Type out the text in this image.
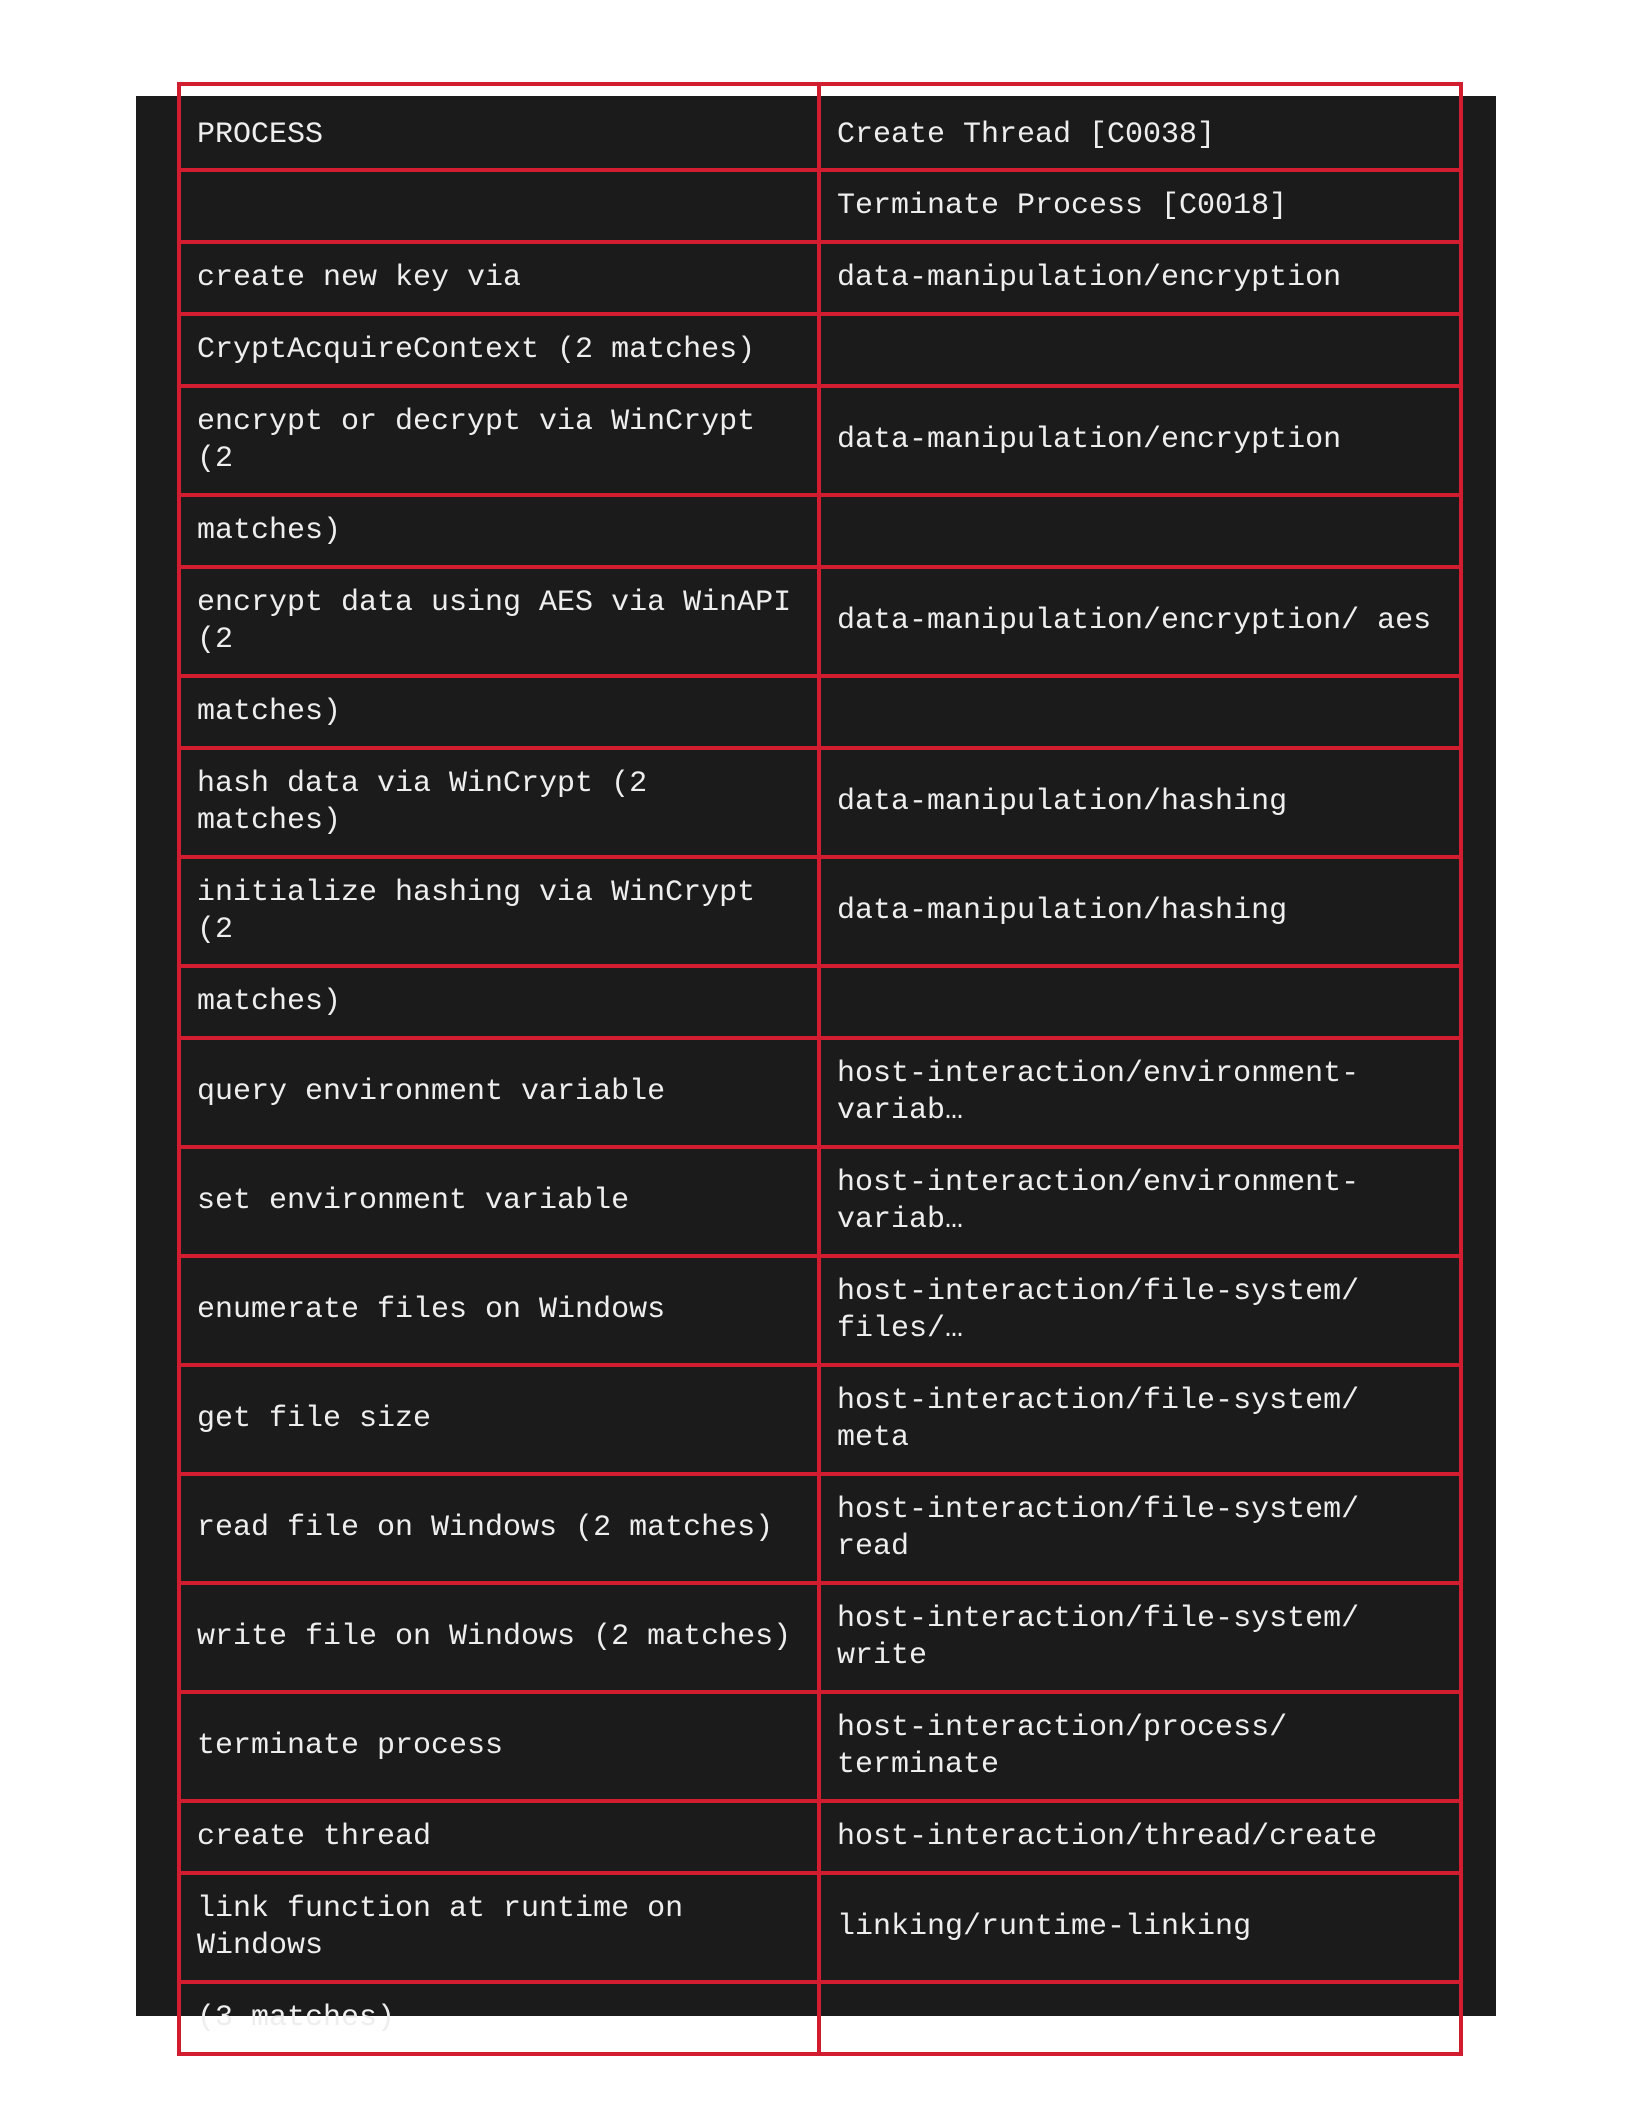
PROCESS	Create Thread [C0038]
	Terminate Process [C0018]
create new key via	data-manipulation/encryption
CryptAcquireContext (2 matches)	
encrypt or decrypt via WinCrypt (2	data-manipulation/encryption
matches)	
encrypt data using AES via WinAPI (2	data-manipulation/encryption/ aes
matches)	
hash data via WinCrypt (2 matches)	data-manipulation/hashing
initialize hashing via WinCrypt (2	data-manipulation/hashing
matches)	
query environment variable	host-interaction/environment- variab…
set environment variable	host-interaction/environment- variab…
enumerate files on Windows	host-interaction/file-system/ files/…
get file size	host-interaction/file-system/ meta
read file on Windows (2 matches)	host-interaction/file-system/ read
write file on Windows (2 matches)	host-interaction/file-system/ write
terminate process	host-interaction/process/ terminate
create thread	host-interaction/thread/create
link function at runtime on Windows	linking/runtime-linking
(3 matches)	
